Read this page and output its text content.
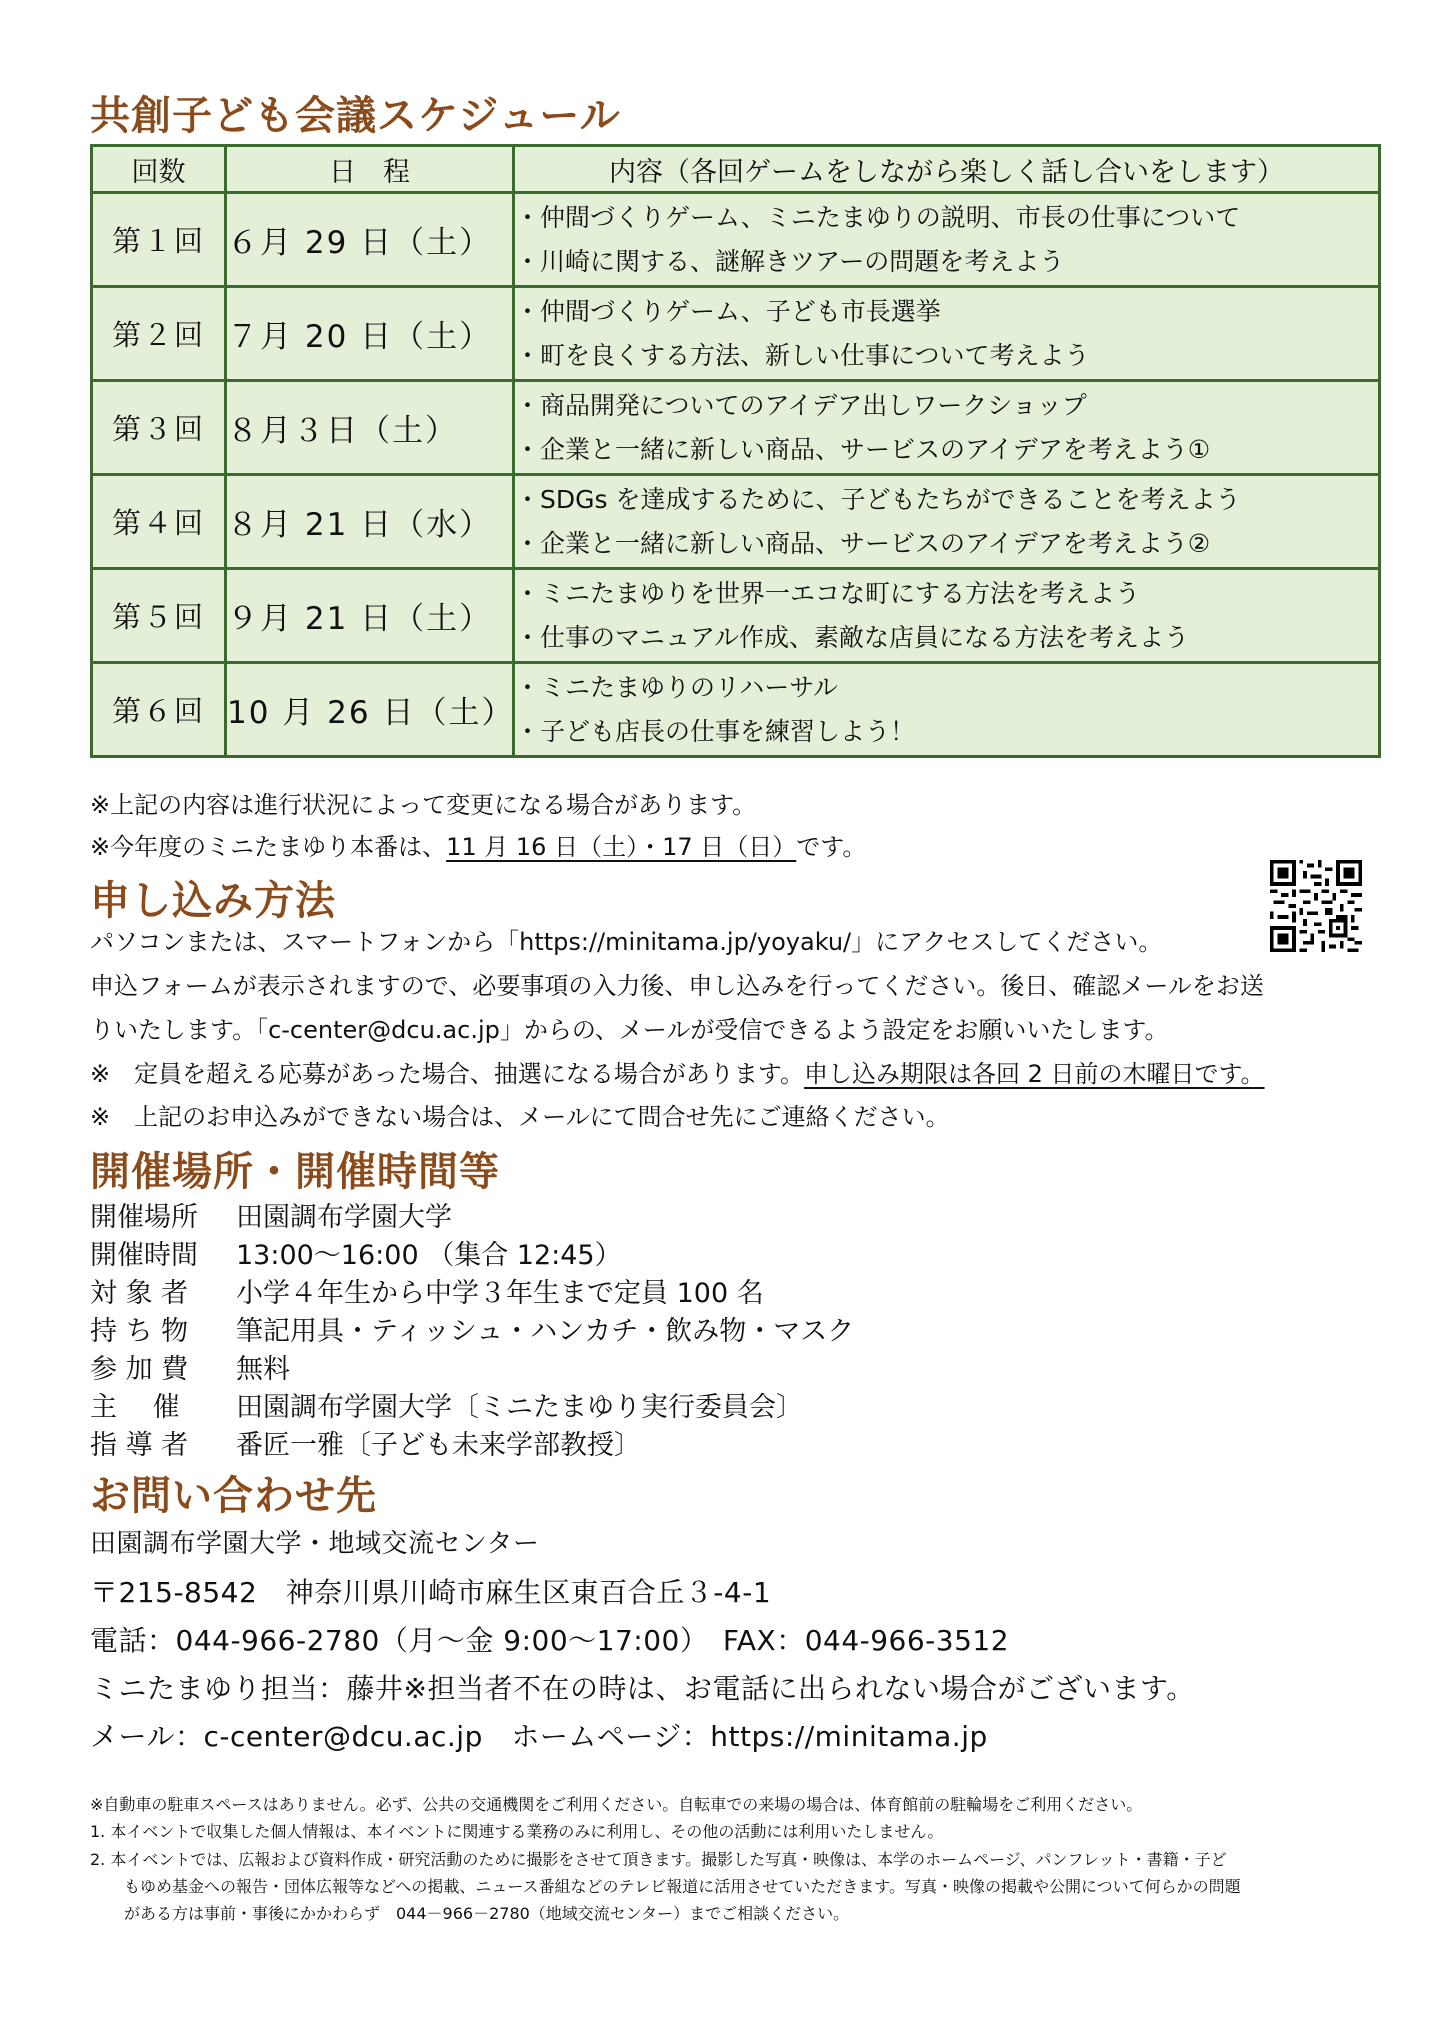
共創子ども会議スケジュール
回数	日　程	内容（各回ゲームをしながら楽しく話し合いをします）
第１回	６月 29 日（土）	・仲間づくりゲーム、ミニたまゆりの説明、市長の仕事について
・川崎に関する、謎解きツアーの問題を考えよう

第２回	７月 20 日（土）	・仲間づくりゲーム、子ども市長選挙
・町を良くする方法、新しい仕事について考えよう

第３回	８月３日（土）	・商品開発についてのアイデア出しワークショップ
・企業と一緒に新しい商品、サービスのアイデアを考えよう①

第４回	８月 21 日（水）	・SDGs を達成するために、子どもたちができることを考えよう
・企業と一緒に新しい商品、サービスのアイデアを考えよう②

第５回	９月 21 日（土）	・ミニたまゆりを世界一エコな町にする方法を考えよう
・仕事のマニュアル作成、素敵な店員になる方法を考えよう

第６回	10 月 26 日（土）	・ミニたまゆりのリハーサル
・子ども店長の仕事を練習しよう！
※上記の内容は進行状況によって変更になる場合があります。
※今年度のミニたまゆり本番は、11 月 16 日（土）・17 日（日）です。
申し込み方法
パソコンまたは、スマートフォンから「https://minitama.jp/yoyaku/」にアクセスしてください。
申込フォームが表示されますので、必要事項の入力後、申し込みを行ってください。後日、確認メールをお送
りいたします。「c-center@dcu.ac.jp」からの、メールが受信できるよう設定をお願いいたします。
※　定員を超える応募があった場合、抽選になる場合があります。申し込み期限は各回 2 日前の木曜日です。
※　上記のお申込みができない場合は、メールにて問合せ先にご連絡ください。
開催場所・開催時間等
開催場所 田園調布学園大学
開催時間 13:00～16:00 （集合 12:45）
対 象 者 小学４年生から中学３年生まで定員 100 名
持 ち 物 筆記用具・ティッシュ・ハンカチ・飲み物・マスク
参 加 費 無料
主　 催 田園調布学園大学〔ミニたまゆり実行委員会〕
指 導 者 番匠一雅〔子ども未来学部教授〕
お問い合わせ先
田園調布学園大学・地域交流センター
〒215-8542　神奈川県川崎市麻生区東百合丘３-4-1
電話：044-966-2780（月～金 9:00～17:00）　FAX：044-966-3512
ミニたまゆり担当：藤井※担当者不在の時は、お電話に出られない場合がございます。
メール：c-center@dcu.ac.jp　ホームページ：https://minitama.jp
※自動車の駐車スペースはありません。必ず、公共の交通機関をご利用ください。自転車での来場の場合は、体育館前の駐輪場をご利用ください。
1. 本イベントで収集した個人情報は、本イベントに関連する業務のみに利用し、その他の活動には利用いたしません。
2. 本イベントでは、広報および資料作成・研究活動のために撮影をさせて頂きます。撮影した写真・映像は、本学のホームページ、パンフレット・書籍・子ど
もゆめ基金への報告・団体広報等などへの掲載、ニュース番組などのテレビ報道に活用させていただきます。写真・映像の掲載や公開について何らかの問題
がある方は事前・事後にかかわらず　044－966－2780（地域交流センター）までご相談ください。
